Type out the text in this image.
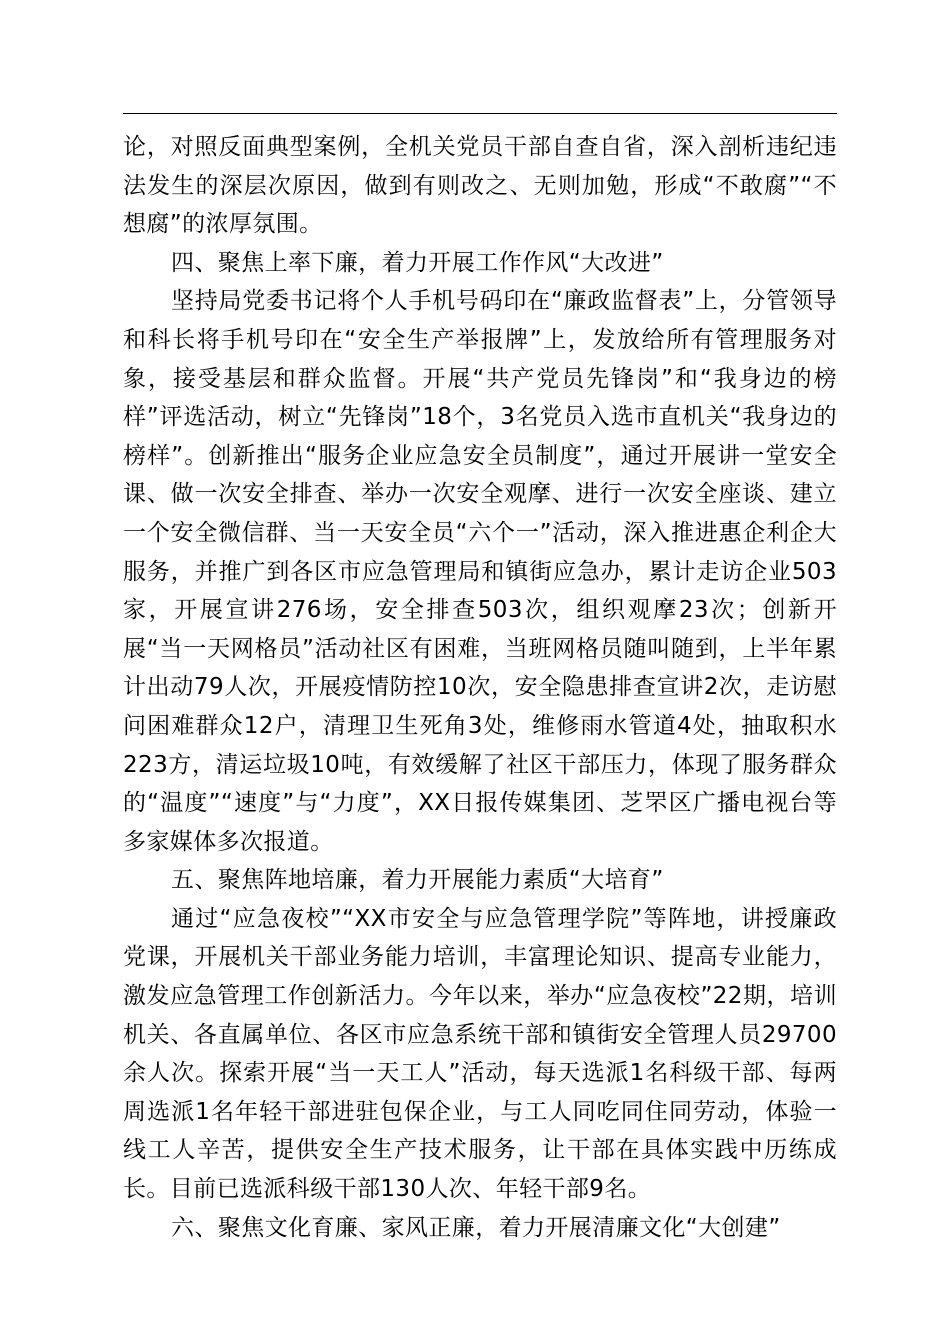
论，对照反面典型案例，全机关党员干部自查自省，深入剖析违纪违法发生的深层次原因，做到有则改之、无则加勉，形成“不敢腐”“不想腐”的浓厚氛围。

四、聚焦上率下廉，着力开展工作作风“大改进”

坚持局党委书记将个人手机号码印在“廉政监督表”上，分管领导和科长将手机号印在“安全生产举报牌”上，发放给所有管理服务对象，接受基层和群众监督。开展“共产党员先锋岗”和“我身边的榜样”评选活动，树立“先锋岗”18个，3名党员入选市直机关“我身边的榜样”。创新推出“服务企业应急安全员制度”，通过开展讲一堂安全课、做一次安全排查、举办一次安全观摩、进行一次安全座谈、建立一个安全微信群、当一天安全员“六个一”活动，深入推进惠企利企大服务，并推广到各区市应急管理局和镇街应急办，累计走访企业503家，开展宣讲276场，安全排查503次，组织观摩23次；创新开展“当一天网格员”活动社区有困难，当班网格员随叫随到，上半年累计出动79人次，开展疫情防控10次，安全隐患排查宣讲2次，走访慰问困难群众12户，清理卫生死角3处，维修雨水管道4处，抽取积水223方，清运垃圾10吨，有效缓解了社区干部压力，体现了服务群众的“温度”“速度”与“力度”，XX日报传媒集团、芝罘区广播电视台等多家媒体多次报道。

五、聚焦阵地培廉，着力开展能力素质“大培育”

通过“应急夜校”“XX市安全与应急管理学院”等阵地，讲授廉政党课，开展机关干部业务能力培训，丰富理论知识、提高专业能力，激发应急管理工作创新活力。今年以来，举办“应急夜校”22期，培训机关、各直属单位、各区市应急系统干部和镇街安全管理人员29700余人次。探索开展“当一天工人”活动，每天选派1名科级干部、每两周选派1名年轻干部进驻包保企业，与工人同吃同住同劳动，体验一线工人辛苦，提供安全生产技术服务，让干部在具体实践中历练成长。目前已选派科级干部130人次、年轻干部9名。

六、聚焦文化育廉、家风正廉，着力开展清廉文化“大创建”
